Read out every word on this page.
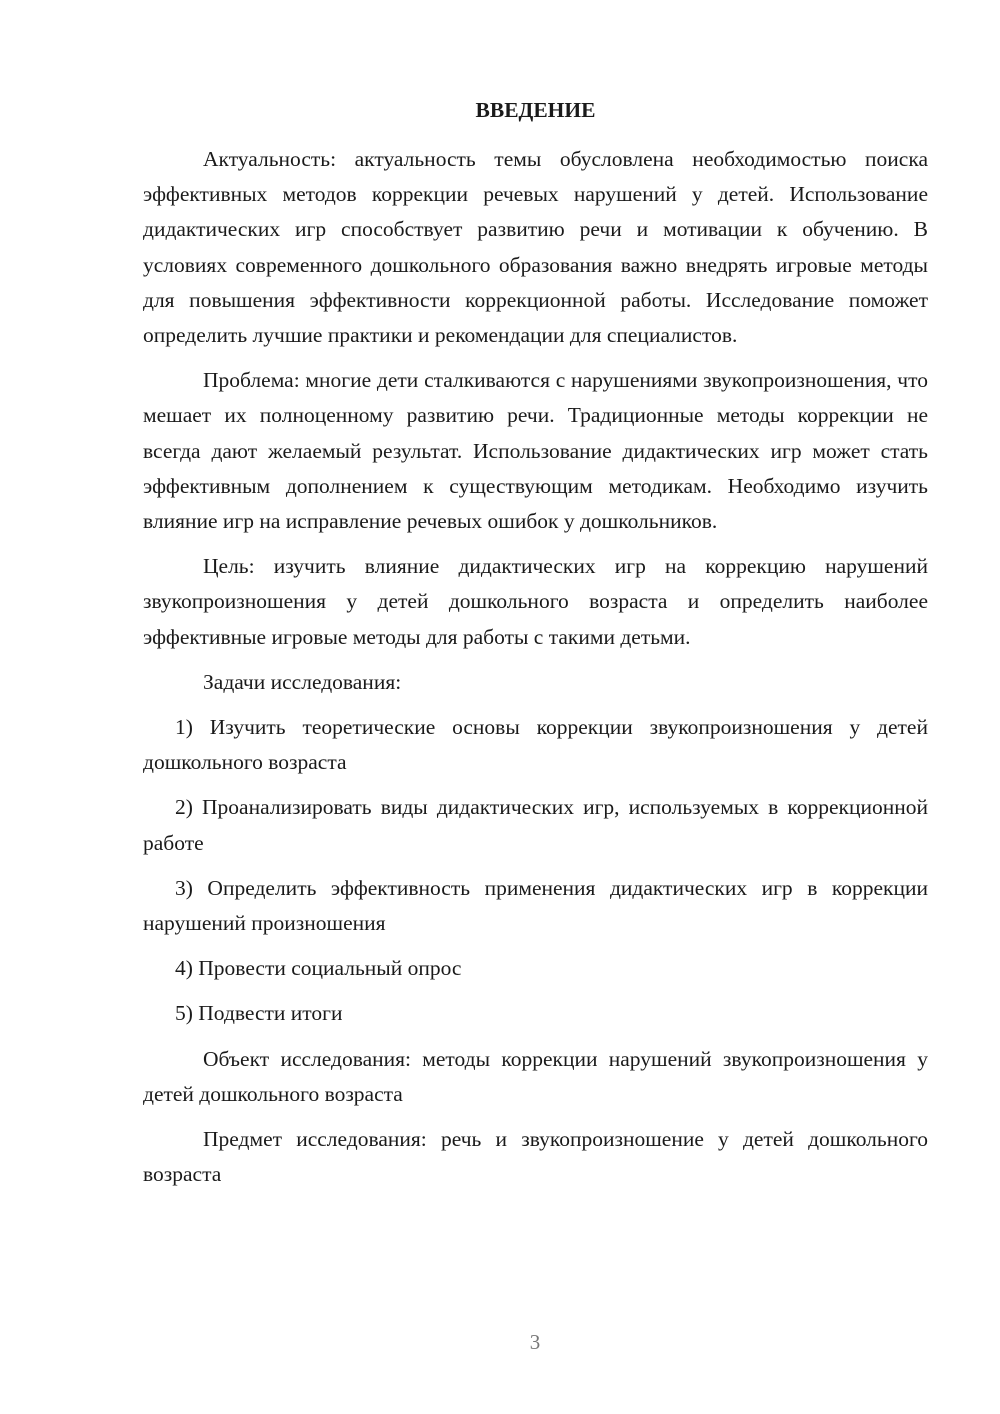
ВВЕДЕНИЕ

Актуальность: актуальность темы обусловлена необходимостью поиска эффективных методов коррекции речевых нарушений у детей. Использование дидактических игр способствует развитию речи и мотивации к обучению. В условиях современного дошкольного образования важно внедрять игровые методы для повышения эффективности коррекционной работы. Исследование поможет определить лучшие практики и рекомендации для специалистов.

Проблема: многие дети сталкиваются с нарушениями звукопроизношения, что мешает их полноценному развитию речи. Традиционные методы коррекции не всегда дают желаемый результат. Использование дидактических игр может стать эффективным дополнением к существующим методикам. Необходимо изучить влияние игр на исправление речевых ошибок у дошкольников.

Цель: изучить влияние дидактических игр на коррекцию нарушений звукопроизношения у детей дошкольного возраста и определить наиболее эффективные игровые методы для работы с такими детьми.

Задачи исследования:

1) Изучить теоретические основы коррекции звукопроизношения у детей дошкольного возраста

2) Проанализировать виды дидактических игр, используемых в коррекционной работе

3) Определить эффективность применения дидактических игр в коррекции нарушений произношения

4) Провести социальный опрос

5) Подвести итоги

Объект исследования: методы коррекции нарушений звукопроизношения у детей дошкольного возраста

Предмет исследования: речь и звукопроизношение у детей дошкольного возраста

3
